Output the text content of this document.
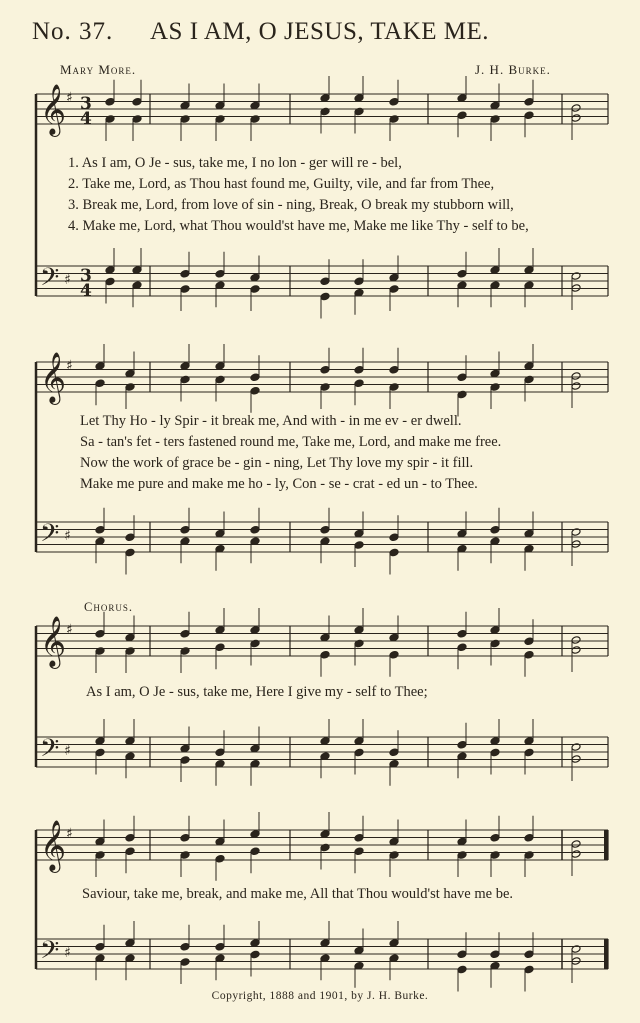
No. 37. AS I AM, O JESUS, TAKE ME.
Mary More.	J. H. Burke.
𝄞
𝄢
♯
♯
3
4
3
4
𝄞
𝄢
♯
♯
𝄞
𝄢
♯
♯
𝄞
𝄢
♯
♯
1. As I am, O Je - sus, take me, I no lon - ger will re - bel,
2. Take me, Lord, as Thou hast found me, Guilty, vile, and far from Thee,
3. Break me, Lord, from love of sin - ning, Break, O break my stubborn will,
4. Make me, Lord, what Thou would'st have me, Make me like Thy - self to be,
Let Thy Ho - ly Spir - it break me, And with - in me ev - er dwell.
Sa - tan's fet - ters fastened round me, Take me, Lord, and make me free.
Now the work of grace be - gin - ning, Let Thy love my spir - it fill.
Make me pure and make me ho - ly, Con - se - crat - ed un - to Thee.
Chorus.
As I am, O Je - sus, take me, Here I give my - self to Thee;
Saviour, take me, break, and make me, All that Thou would'st have me be.
Copyright, 1888 and 1901, by J. H. Burke.
